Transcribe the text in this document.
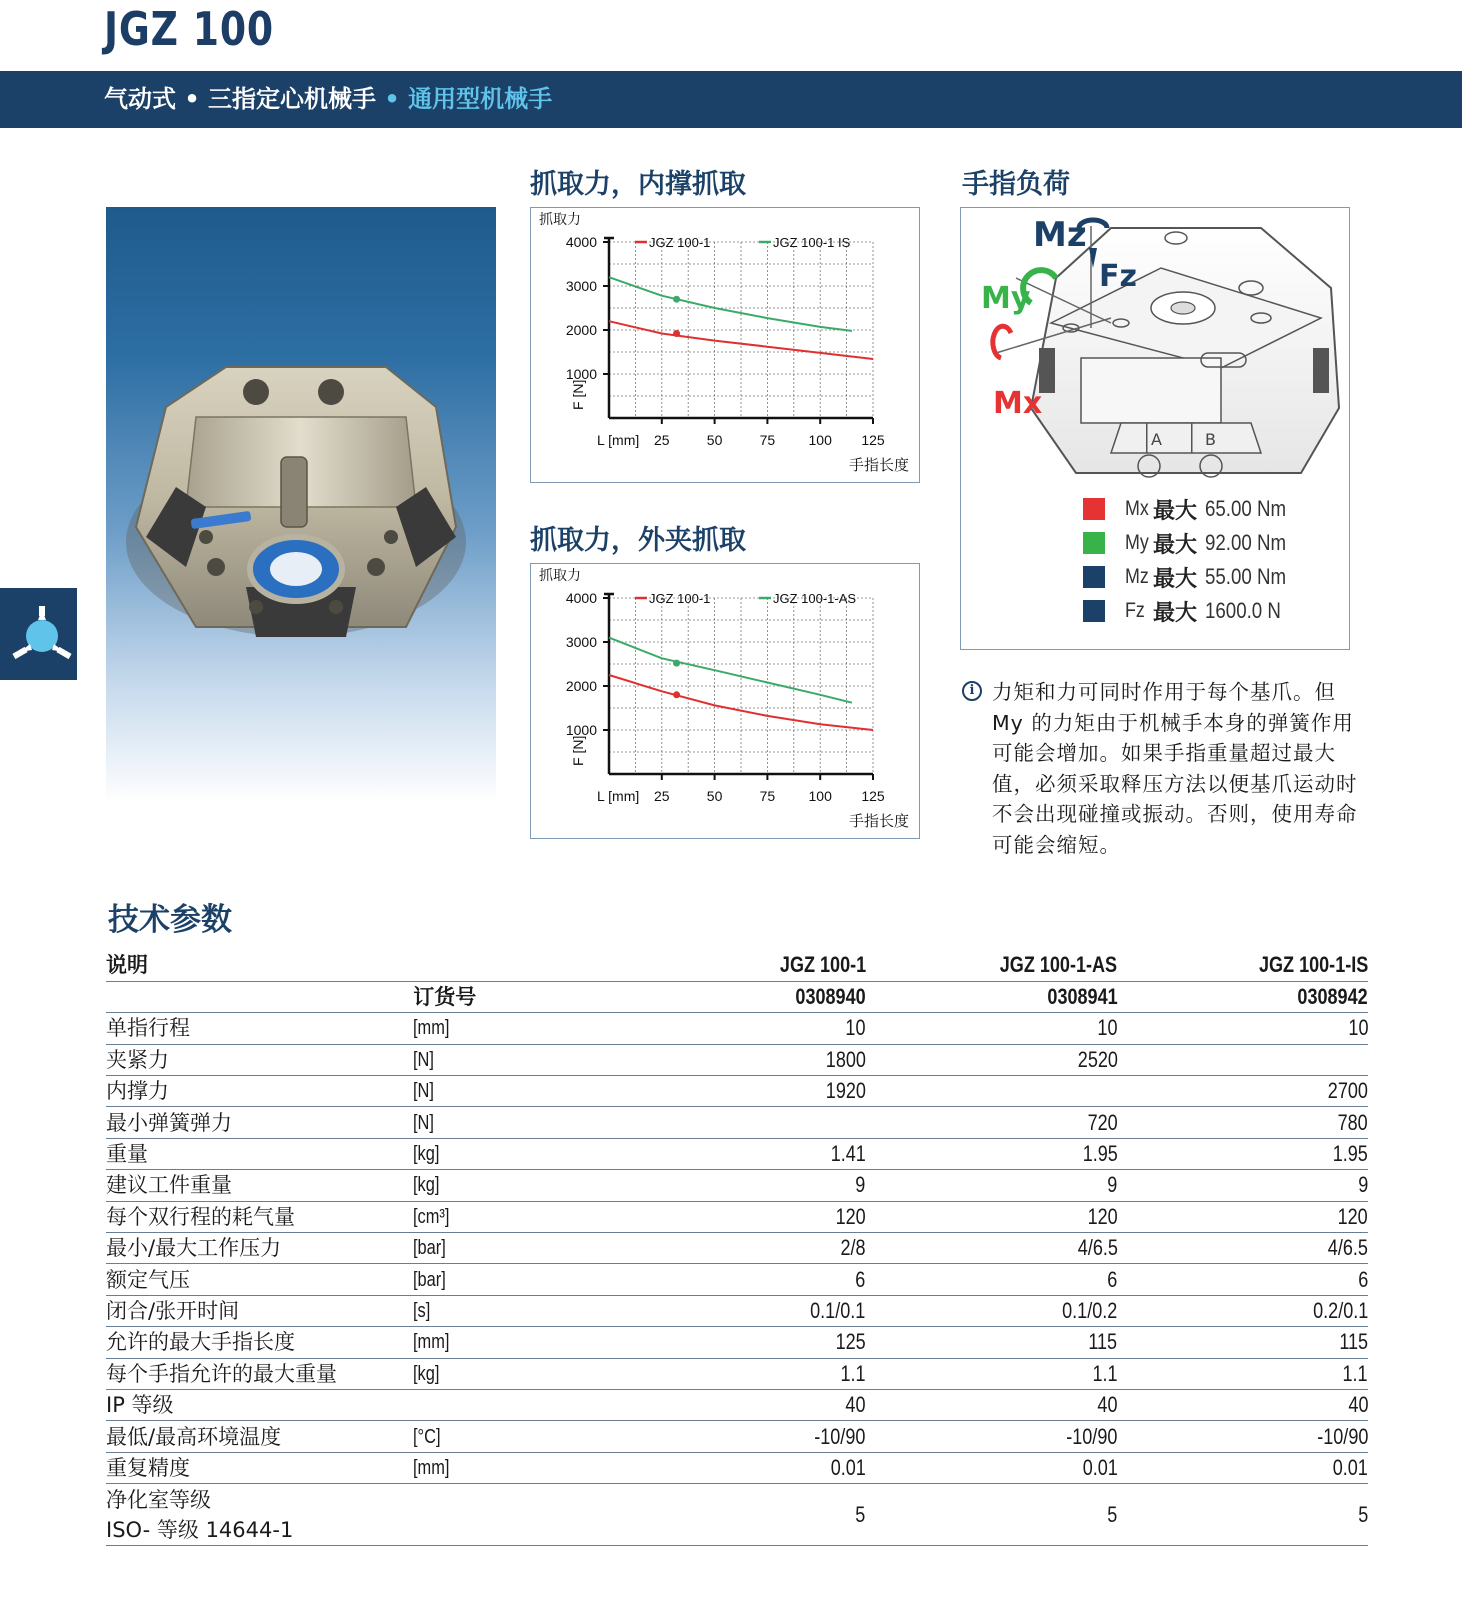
JGZ 100
气动式 • 三指定心机械手 • 通用型机械手
抓取力，内撑抓取
1000
2000
3000
4000
25	50	75 100 125
抓取力
F [N]
L [mm]
手指长度
JGZ 100-1	JGZ 100-1 IS
抓取力，外夹抓取
1000
2000
3000
4000
25	50	75 100 125
抓取力
F [N]
L [mm]
手指长度
JGZ 100-1	JGZ 100-1-AS
手指负荷
A	B
Mz
Fz
My
Mx
Mx 最大 65.00 Nm
My 最大 92.00 Nm
Mz 最大 55.00 Nm
Fz 最大 1600.0 N
i 力矩和力可同时作用于每个基爪。但 My 的力矩由于机械手本身的弹簧作用可能会增加。如果手指重量超过最大值，必须采取释压方法以便基爪运动时不会出现碰撞或振动。否则，使用寿命可能会缩短。
技术参数
说明		JGZ 100-1	JGZ 100-1-AS	JGZ 100-1-IS
	订货号	0308940	0308941	0308942
单指行程	[mm]	10	10	10
夹紧力	[N]	1800	2520	
内撑力	[N]	1920		2700
最小弹簧弹力	[N]		720	780
重量	[kg]	1.41	1.95	1.95
建议工件重量	[kg]	9	9	9
每个双行程的耗气量	[cm³]	120	120	120
最小/最大工作压力	[bar]	2/8	4/6.5	4/6.5
额定气压	[bar]	6	6	6
闭合/张开时间	[s]	0.1/0.1	0.1/0.2	0.2/0.1
允许的最大手指长度	[mm]	125	115	115
每个手指允许的最大重量	[kg]	1.1	1.1	1.1
IP 等级		40	40	40
最低/最高环境温度	[°C]	-10/90	-10/90	-10/90
重复精度	[mm]	0.01	0.01	0.01

净化室等级
ISO- 等级 14644-1		5	5	5
